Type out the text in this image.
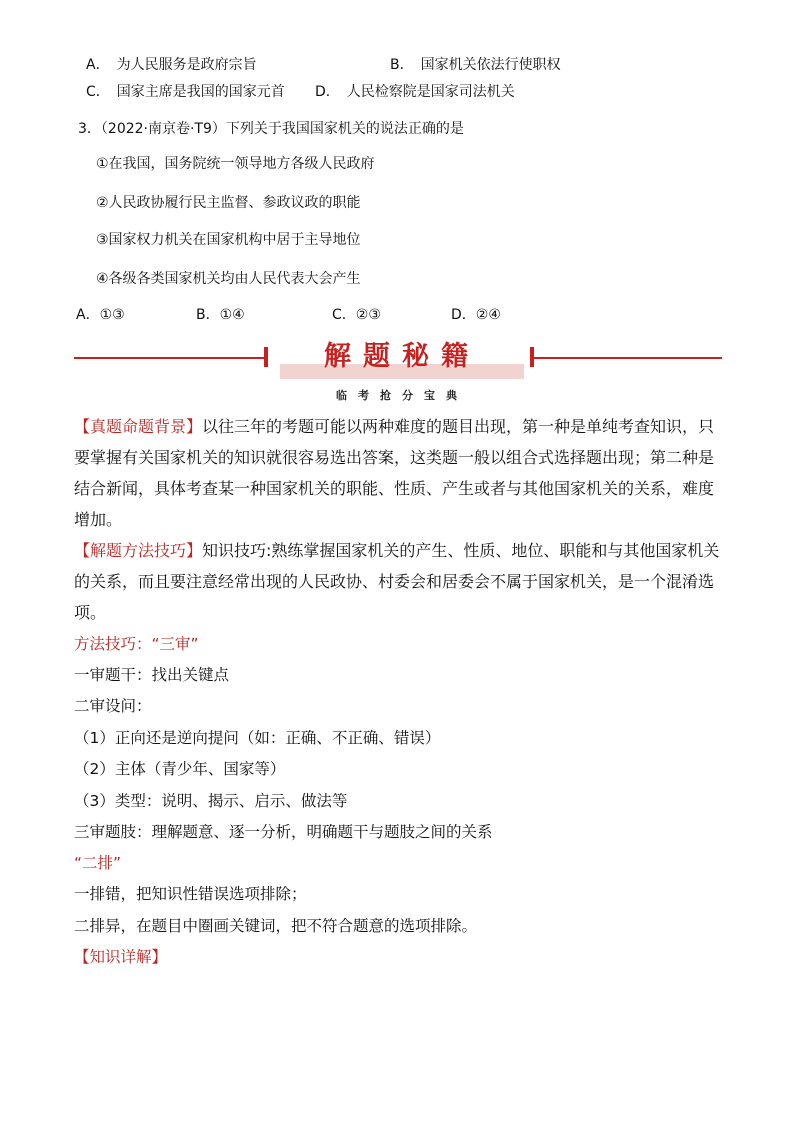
A．　为人民服务是政府宗旨	B．　国家机关依法行使职权
C．　国家主席是我国的国家元首 D．　人民检察院是国家司法机关
3．（2022·南京卷·T9）下列关于我国国家机关的说法正确的是
①在我国，国务院统一领导地方各级人民政府
②人民政协履行民主监督、参政议政的职能
③国家权力机关在国家机构中居于主导地位
④各级各类国家机关均由人民代表大会产生
A．①③	B．①④	C．②③	D．②④
解题秘籍
临考抢分宝典
【真题命题背景】以往三年的考题可能以两种难度的题目出现，第一种是单纯考查知识，只要掌握有关国家机关的知识就很容易选出答案，这类题一般以组合式选择题出现；第二种是结合新闻，具体考查某一种国家机关的职能、性质、产生或者与其他国家机关的关系，难度增加。
【解题方法技巧】知识技巧:熟练掌握国家机关的产生、性质、地位、职能和与其他国家机关的关系，而且要注意经常出现的人民政协、村委会和居委会不属于国家机关，是一个混淆选项。
方法技巧：“三审”
一审题干：找出关键点
二审设问：
（1）正向还是逆向提问（如：正确、不正确、错误）
（2）主体（青少年、国家等）
（3）类型：说明、揭示、启示、做法等
三审题肢：理解题意、逐一分析，明确题干与题肢之间的关系
“二排”
一排错，把知识性错误选项排除；
二排异，在题目中圈画关键词，把不符合题意的选项排除。
【知识详解】
